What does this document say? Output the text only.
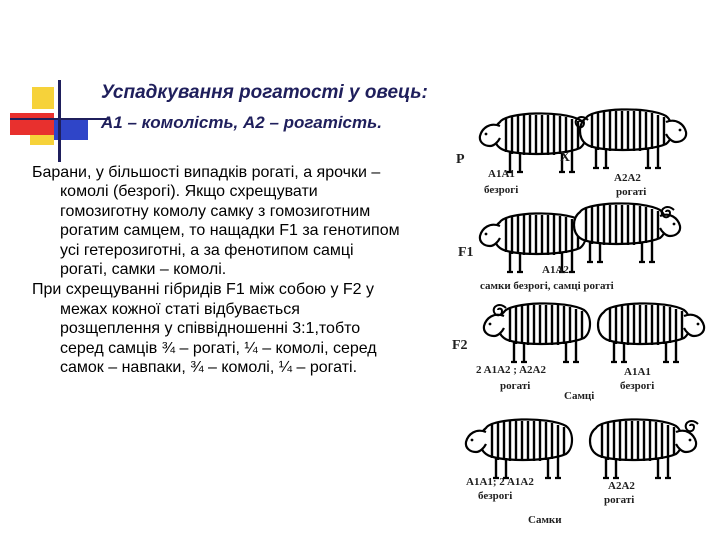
Успадкування рогатості у овець:
А1 – комолість, А2 – рогатість.

Барани, у більшості випадків рогаті, а ярочки – комолі (безрогі). Якщо схрещувати гомозиготну комолу самку з гомозиготним рогатим самцем, то нащадки F1 за генотипом усі гетерозиготні, а за фенотипом самці рогаті, самки – комолі.

При схрещуванні гібридів F1 між собою у F2 у межах кожної статі відбувається розщеплення у співвідношенні 3:1,тобто серед самців ¾ – рогаті, ¼ – комолі, серед самок – навпаки, ¾ – комолі, ¼ – рогаті.

P	X
A1A1
безрогі
A2A2
рогаті
F1
A1A2
самки безрогі, самці рогаті
F2
2 A1A2 ; A2A2
рогаті
A1A1
безрогі
Самці
A1A1; 2 A1A2
безрогі
A2A2
рогаті
Самки
